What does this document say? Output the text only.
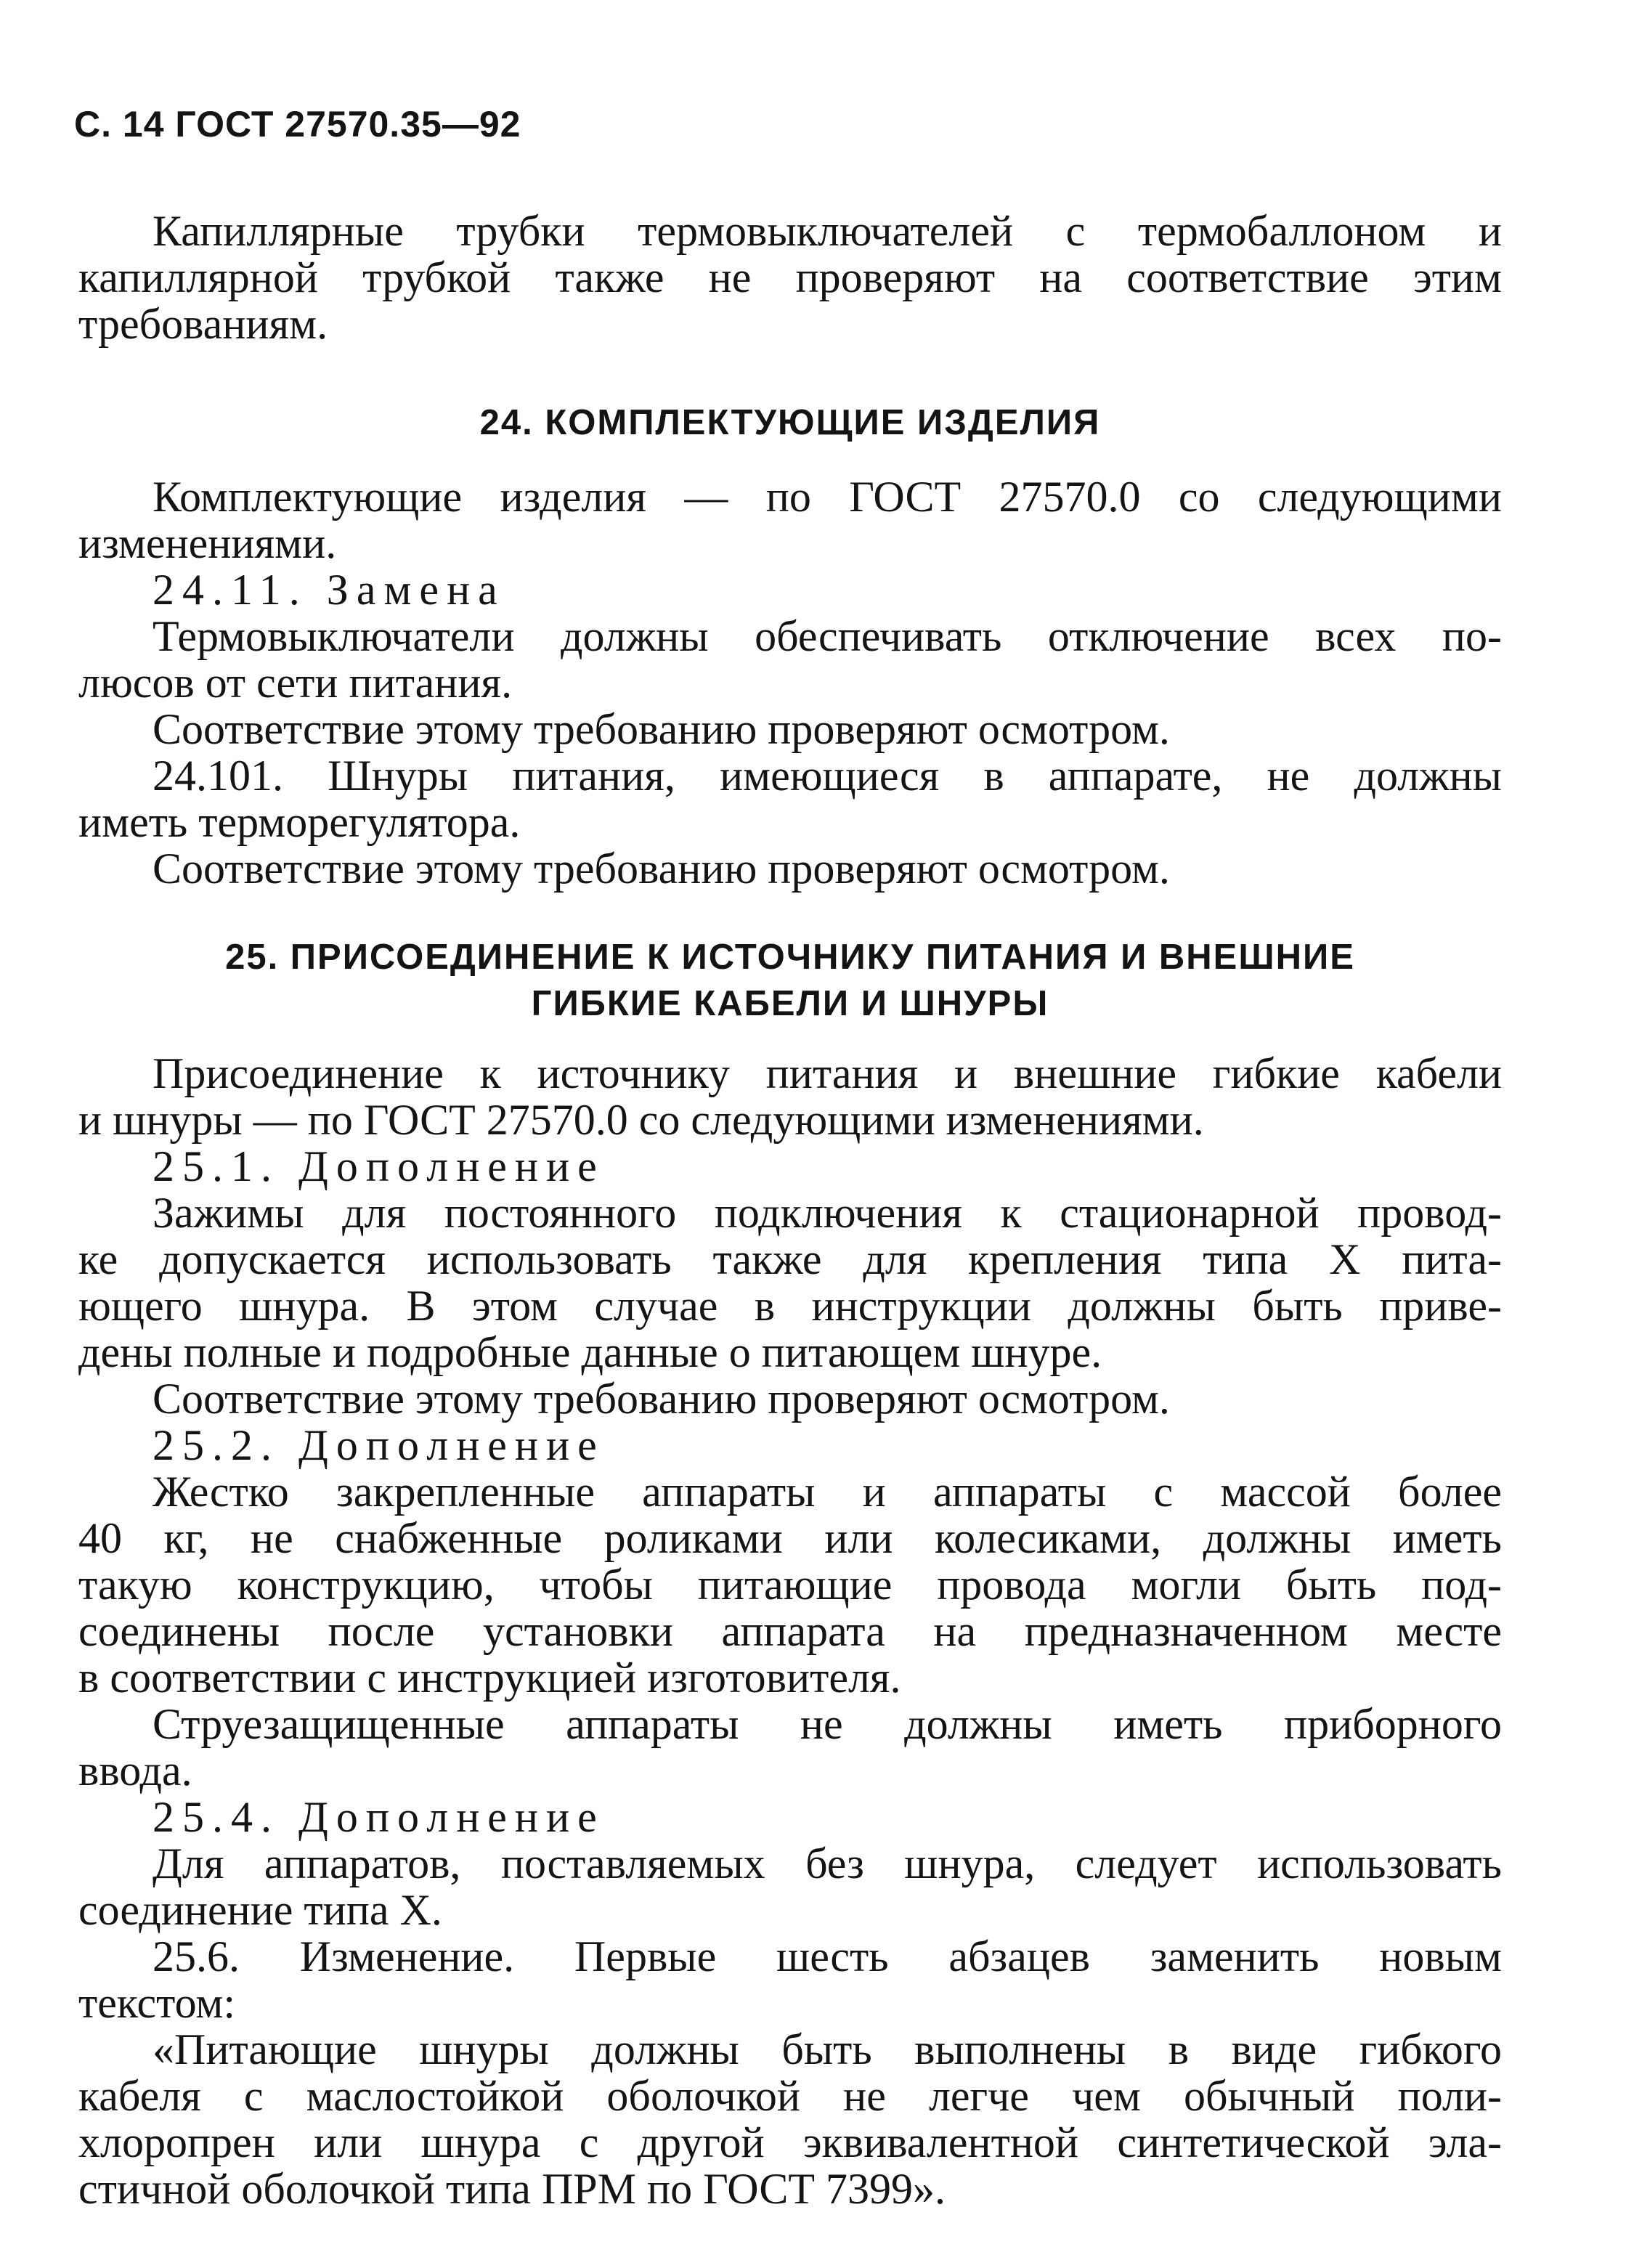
С. 14 ГОСТ 27570.35—92
Капиллярные трубки термовыключателей с термобаллоном и
капиллярной трубкой также не проверяют на соответствие этим
требованиям.
24. КОМПЛЕКТУЮЩИЕ ИЗДЕЛИЯ
Комплектующие изделия — по ГОСТ 27570.0 со следующими
изменениями.
24.11. Замена
Термовыключатели должны обеспечивать отключение всех по-
люсов от сети питания.
Соответствие этому требованию проверяют осмотром.
24.101. Шнуры питания, имеющиеся в аппарате, не должны
иметь терморегулятора.
Соответствие этому требованию проверяют осмотром.
25. ПРИСОЕДИНЕНИЕ К ИСТОЧНИКУ ПИТАНИЯ И ВНЕШНИЕ
ГИБКИЕ КАБЕЛИ И ШНУРЫ
Присоединение к источнику питания и внешние гибкие кабели
и шнуры — по ГОСТ 27570.0 со следующими изменениями.
25.1. Дополнение
Зажимы для постоянного подключения к стационарной провод-
ке допускается использовать также для крепления типа X пита-
ющего шнура. В этом случае в инструкции должны быть приве-
дены полные и подробные данные о питающем шнуре.
Соответствие этому требованию проверяют осмотром.
25.2. Дополнение
Жестко закрепленные аппараты и аппараты с массой более
40 кг, не снабженные роликами или колесиками, должны иметь
такую конструкцию, чтобы питающие провода могли быть под-
соединены после установки аппарата на предназначенном месте
в соответствии с инструкцией изготовителя.
Струезащищенные аппараты не должны иметь приборного
ввода.
25.4. Дополнение
Для аппаратов, поставляемых без шнура, следует использовать
соединение типа X.
25.6. Изменение. Первые шесть абзацев заменить новым
текстом:
«Питающие шнуры должны быть выполнены в виде гибкого
кабеля с маслостойкой оболочкой не легче чем обычный поли-
хлоропрен или шнура с другой эквивалентной синтетической эла-
стичной оболочкой типа ПРМ по ГОСТ 7399».
